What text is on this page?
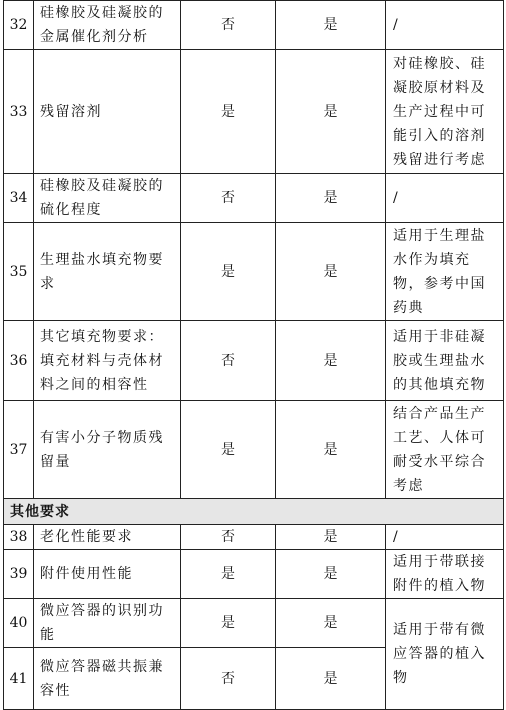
32	硅橡胶及硅凝胶的金属催化剂分析	否	是	/
33	残留溶剂	是	是	对硅橡胶、硅凝胶原材料及生产过程中可能引入的溶剂残留进行考虑
34	硅橡胶及硅凝胶的硫化程度	否	是	/
35	生理盐水填充物要求	是	是	适用于生理盐水作为填充物，参考中国药典
36	其它填充物要求：填充材料与壳体材料之间的相容性	否	是	适用于非硅凝胶或生理盐水的其他填充物
37	有害小分子物质残留量	是	是	结合产品生产工艺、人体可耐受水平综合考虑
其他要求				
38	老化性能要求	否	是	/
39	附件使用性能	是	是	适用于带联接附件的植入物
40	微应答器的识别功能	是	是	适用于带有微应答器的植入物
41	微应答器磁共振兼容性	否	是	
